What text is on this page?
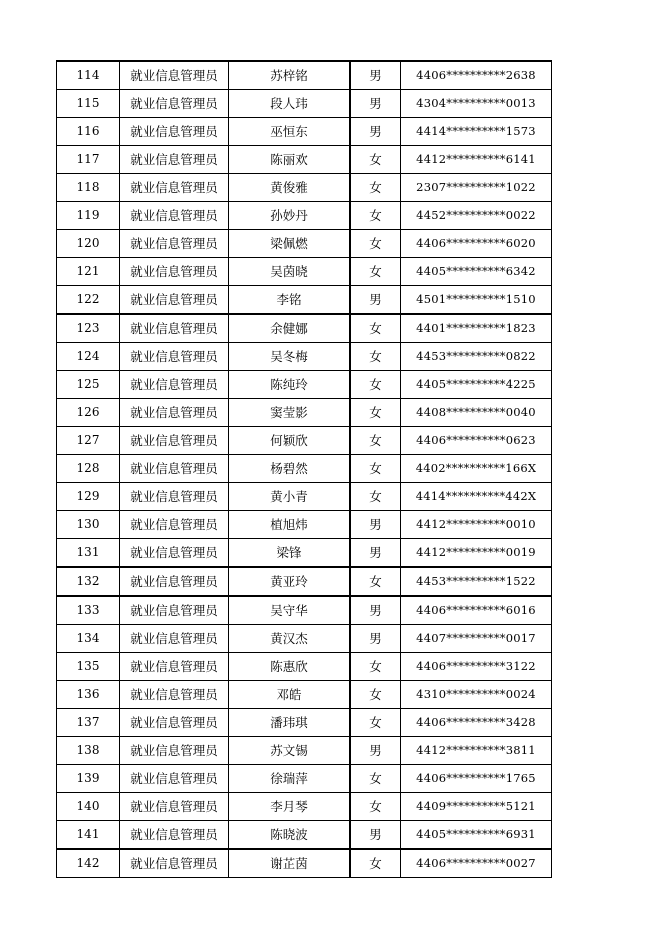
114	就业信息管理员	苏梓铭	男	4406**********2638
115	就业信息管理员	段人玮	男	4304**********0013
116	就业信息管理员	巫恒东	男	4414**********1573
117	就业信息管理员	陈丽欢	女	4412**********6141
118	就业信息管理员	黄俊雅	女	2307**********1022
119	就业信息管理员	孙妙丹	女	4452**********0022
120	就业信息管理员	梁佩燃	女	4406**********6020
121	就业信息管理员	吴茵晓	女	4405**********6342
122	就业信息管理员	李铭	男	4501**********1510
123	就业信息管理员	余健娜	女	4401**********1823
124	就业信息管理员	吴冬梅	女	4453**********0822
125	就业信息管理员	陈纯玲	女	4405**********4225
126	就业信息管理员	窦莹影	女	4408**********0040
127	就业信息管理员	何颖欣	女	4406**********0623
128	就业信息管理员	杨碧然	女	4402**********166X
129	就业信息管理员	黄小青	女	4414**********442X
130	就业信息管理员	植旭炜	男	4412**********0010
131	就业信息管理员	梁锋	男	4412**********0019
132	就业信息管理员	黄亚玲	女	4453**********1522
133	就业信息管理员	吴守华	男	4406**********6016
134	就业信息管理员	黄汉杰	男	4407**********0017
135	就业信息管理员	陈惠欣	女	4406**********3122
136	就业信息管理员	邓皓	女	4310**********0024
137	就业信息管理员	潘玮琪	女	4406**********3428
138	就业信息管理员	苏文锡	男	4412**********3811
139	就业信息管理员	徐瑞萍	女	4406**********1765
140	就业信息管理员	李月琴	女	4409**********5121
141	就业信息管理员	陈晓波	男	4405**********6931
142	就业信息管理员	谢芷茵	女	4406**********0027
